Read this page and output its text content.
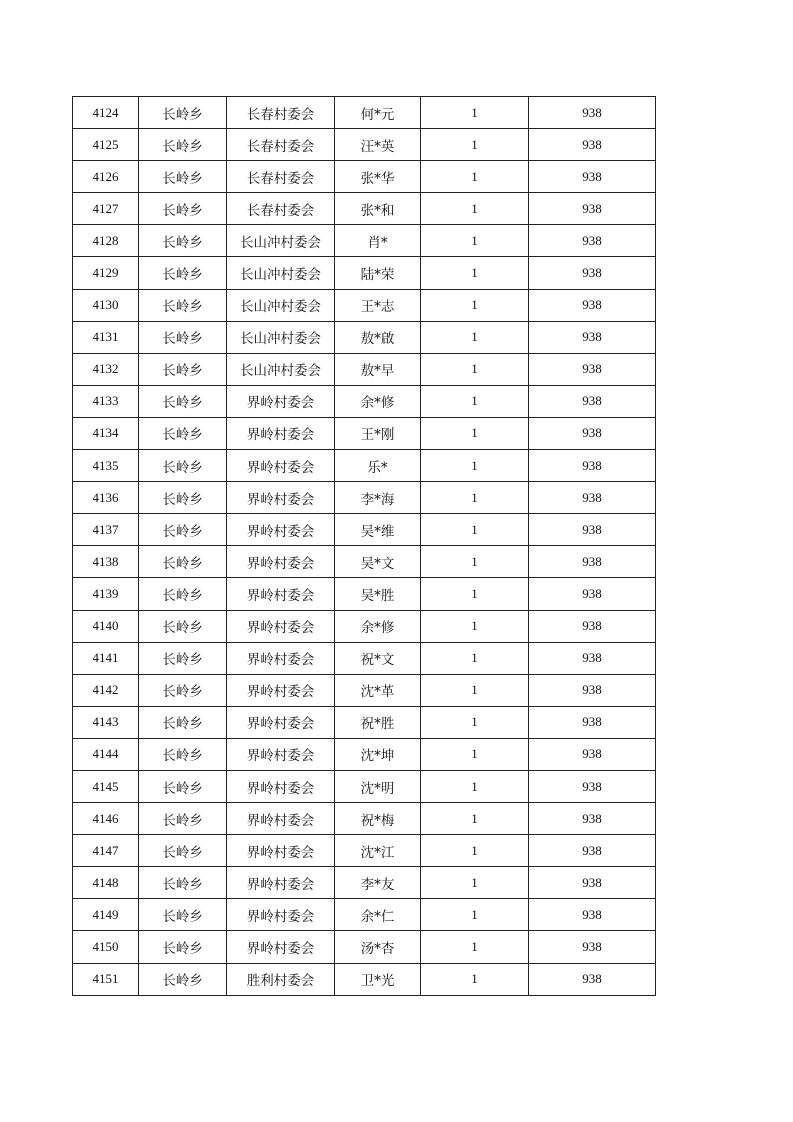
4124	长岭乡	长春村委会	何*元	1	938
4125	长岭乡	长春村委会	汪*英	1	938
4126	长岭乡	长春村委会	张*华	1	938
4127	长岭乡	长春村委会	张*和	1	938
4128	长岭乡	长山冲村委会	肖*	1	938
4129	长岭乡	长山冲村委会	陆*荣	1	938
4130	长岭乡	长山冲村委会	王*志	1	938
4131	长岭乡	长山冲村委会	敖*啟	1	938
4132	长岭乡	长山冲村委会	敖*早	1	938
4133	长岭乡	界岭村委会	余*修	1	938
4134	长岭乡	界岭村委会	王*刚	1	938
4135	长岭乡	界岭村委会	乐*	1	938
4136	长岭乡	界岭村委会	李*海	1	938
4137	长岭乡	界岭村委会	吴*维	1	938
4138	长岭乡	界岭村委会	吴*文	1	938
4139	长岭乡	界岭村委会	吴*胜	1	938
4140	长岭乡	界岭村委会	余*修	1	938
4141	长岭乡	界岭村委会	祝*文	1	938
4142	长岭乡	界岭村委会	沈*革	1	938
4143	长岭乡	界岭村委会	祝*胜	1	938
4144	长岭乡	界岭村委会	沈*坤	1	938
4145	长岭乡	界岭村委会	沈*明	1	938
4146	长岭乡	界岭村委会	祝*梅	1	938
4147	长岭乡	界岭村委会	沈*江	1	938
4148	长岭乡	界岭村委会	李*友	1	938
4149	长岭乡	界岭村委会	余*仁	1	938
4150	长岭乡	界岭村委会	汤*杏	1	938
4151	长岭乡	胜利村委会	卫*光	1	938
